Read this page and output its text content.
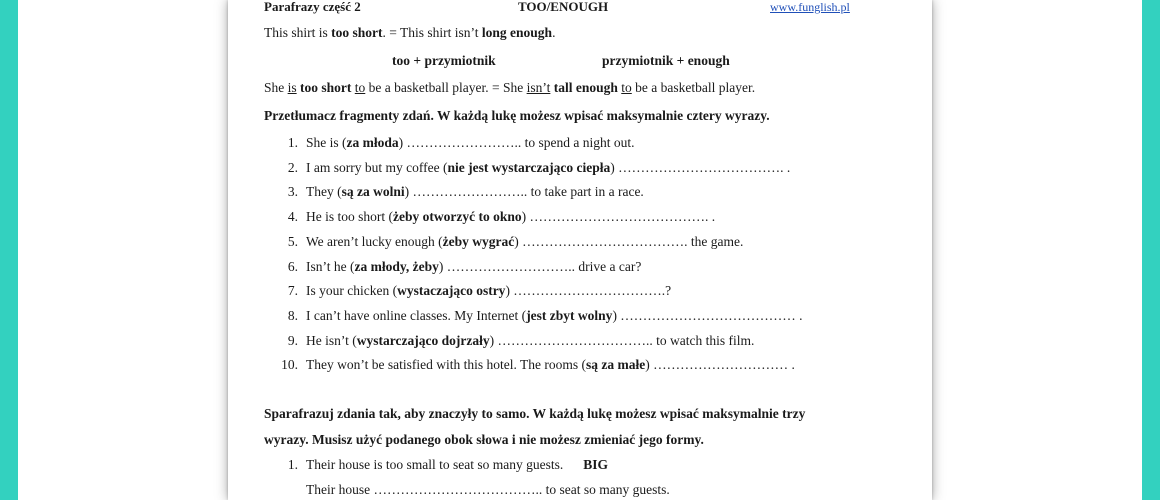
Parafrazy część 2	TOO/ENOUGH	www.funglish.pl
This shirt is too short. = This shirt isn’t long enough.
too + przymiotnik	przymiotnik + enough
She is too short to be a basketball player. = She isn’t tall enough to be a basketball player.
Przetłumacz fragmenty zdań. W każdą lukę możesz wpisać maksymalnie cztery wyrazy.
1. She is (za młoda) …………………….. to spend a night out.
2. I am sorry but my coffee (nie jest wystarczająco ciepła) ………………………………. .
3. They (są za wolni) …………………….. to take part in a race.
4. He is too short (żeby otworzyć to okno) …………………………………. .
5. We aren’t lucky enough (żeby wygrać) ………………………………. the game.
6. Isn’t he (za młody, żeby) ……………………….. drive a car?
7. Is your chicken (wystaczająco ostry) …………………………….?
8. I can’t have online classes. My Internet (jest zbyt wolny) ………………………………… .
9. He isn’t (wystarczająco dojrzały) …………………………….. to watch this film.
10. They won’t be satisfied with this hotel. The rooms (są za małe) ………………………… .
Sparafrazuj zdania tak, aby znaczyły to samo. W każdą lukę możesz wpisać maksymalnie trzy
wyrazy. Musisz użyć podanego obok słowa i nie możesz zmieniać jego formy.
1. Their house is too small to seat so many guests. BIG
Their house ……………………………….. to seat so many guests.
